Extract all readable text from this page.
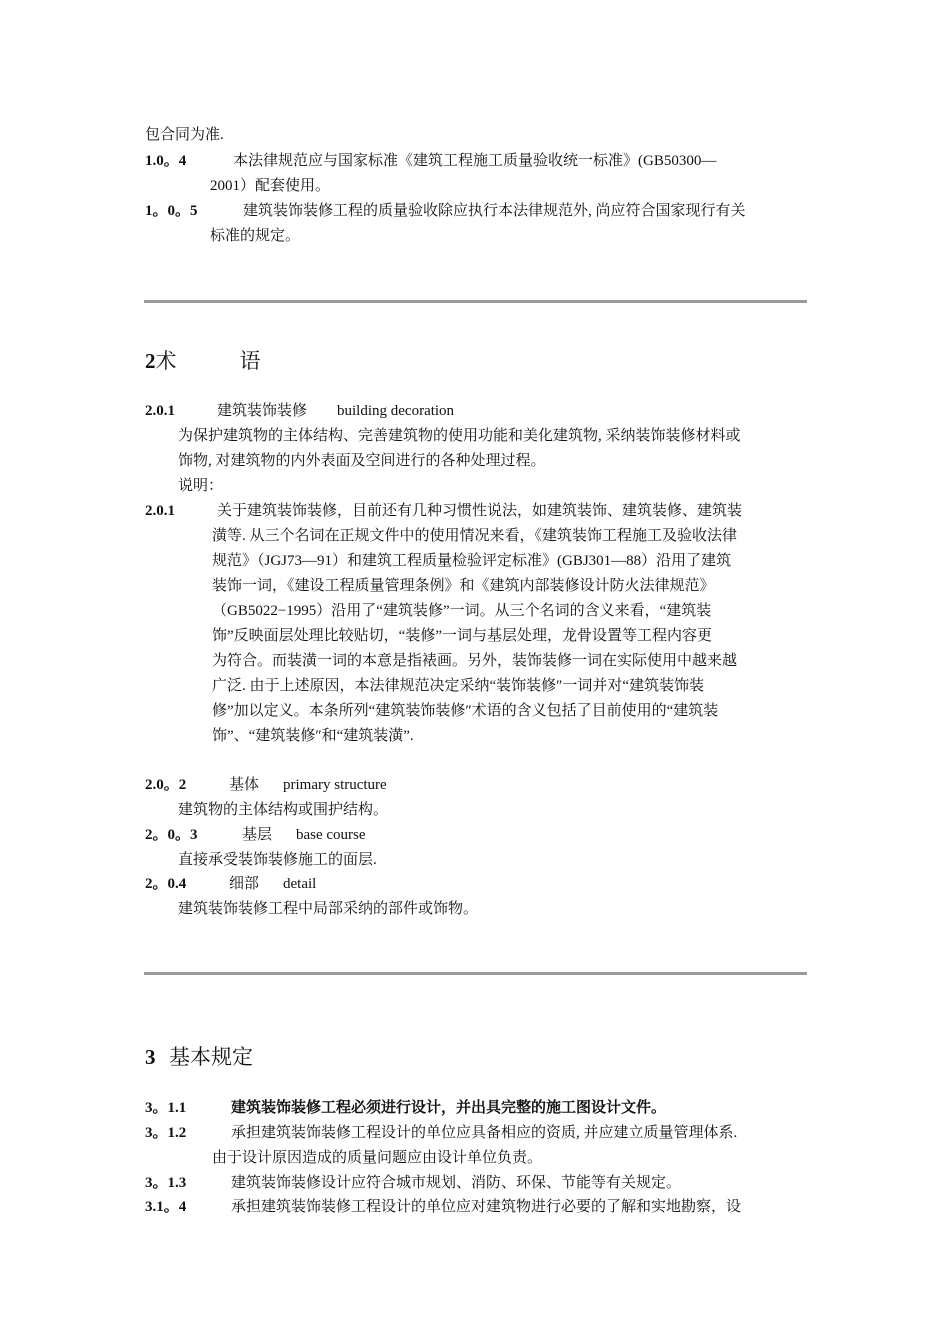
包合同为准.
1.0。4	本法律规范应与国家标准《建筑工程施工质量验收统一标准》(GB50300—
2001）配套使用。
1。0。5	建筑装饰装修工程的质量验收除应执行本法律规范外, 尚应符合国家现行有关
标准的规定。
2术　　　语
2.0.1	建筑装饰装修 building decoration
为保护建筑物的主体结构、完善建筑物的使用功能和美化建筑物, 采纳装饰装修材料或
饰物, 对建筑物的内外表面及空间进行的各种处理过程。
说明：
2.0.1	关于建筑装饰装修，目前还有几种习惯性说法，如建筑装饰、建筑装修、建筑装
潢等. 从三个名词在正规文件中的使用情况来看，《建筑装饰工程施工及验收法律
规范》（JGJ73—91）和建筑工程质量检验评定标准》(GBJ301—88）沿用了建筑
装饰一词，《建设工程质量管理条例》和《建筑内部装修设计防火法律规范》
（GB5022−1995）沿用了“建筑装修”一词。从三个名词的含义来看，“建筑装
饰”反映面层处理比较贴切，“装修”一词与基层处理，龙骨设置等工程内容更
为符合。而装潢一词的本意是指裱画。另外，装饰装修一词在实际使用中越来越
广泛. 由于上述原因，本法律规范决定采纳“装饰装修″一词并对“建筑装饰装
修”加以定义。本条所列“建筑装饰装修″术语的含义包括了目前使用的“建筑装
饰”、“建筑装修″和“建筑装潢”.
2.0。2	基体 primary structure
建筑物的主体结构或围护结构。
2。0。3	基层 base course
直接承受装饰装修施工的面层.
2。0.4	细部 detail
建筑装饰装修工程中局部采纳的部件或饰物。
3 基本规定
3。1.1	建筑装饰装修工程必须进行设计，并出具完整的施工图设计文件。
3。1.2	承担建筑装饰装修工程设计的单位应具备相应的资质, 并应建立质量管理体系.
由于设计原因造成的质量问题应由设计单位负责。
3。1.3	建筑装饰装修设计应符合城市规划、消防、环保、节能等有关规定。
3.1。4	承担建筑装饰装修工程设计的单位应对建筑物进行必要的了解和实地勘察，设
